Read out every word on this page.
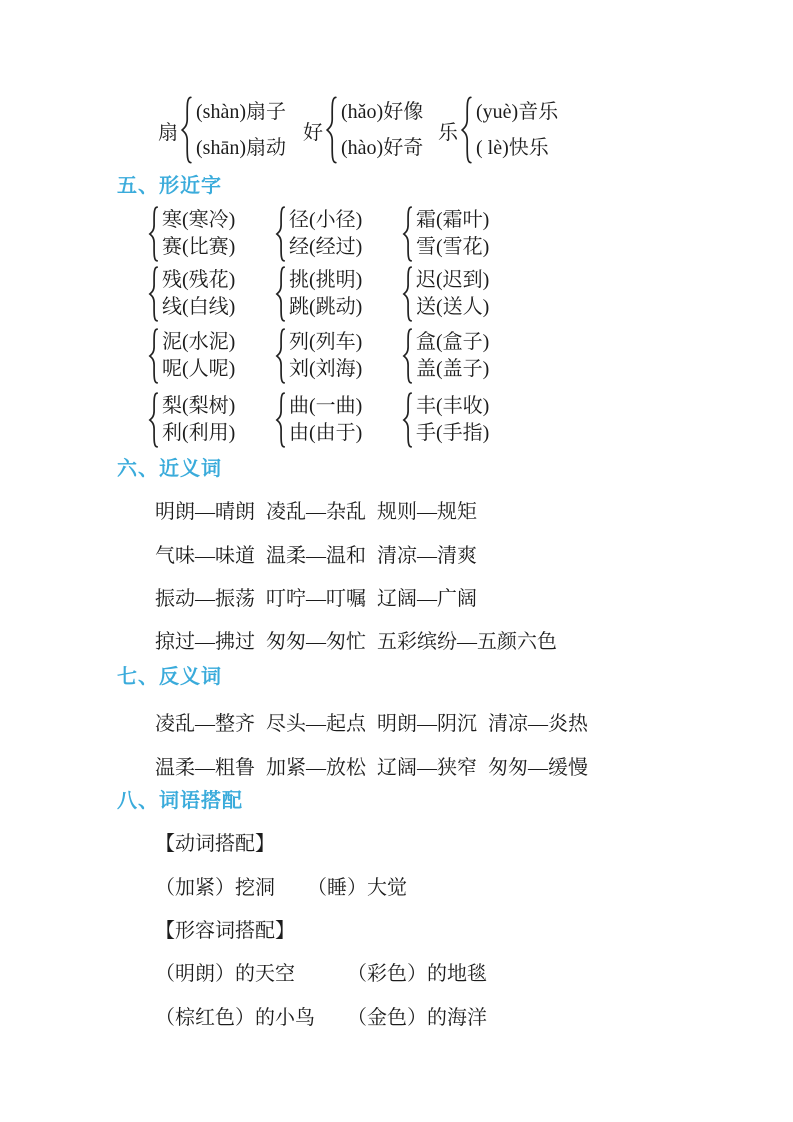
扇
(shàn)扇子
(shān)扇动
好
(hǎo)好像
(hào)好奇
乐
(yuè)音乐
( lè)快乐
五、形近字
寒(寒冷)
赛(比赛)
径(小径)
经(经过)
霜(霜叶)
雪(雪花)
残(残花)
线(白线)
挑(挑明)
跳(跳动)
迟(迟到)
送(送人)
泥(水泥)
呢(人呢)
列(列车)
刘(刘海)
盒(盒子)
盖(盖子)
梨(梨树)
利(利用)
曲(一曲)
由(由于)
丰(丰收)
手(手指)
六、近义词
明朗—晴朗 凌乱—杂乱 规则—规矩
气味—味道 温柔—温和 清凉—清爽
振动—振荡 叮咛—叮嘱 辽阔—广阔
掠过—拂过 匆匆—匆忙 五彩缤纷—五颜六色
七、反义词
凌乱—整齐 尽头—起点 明朗—阴沉 清凉—炎热
温柔—粗鲁 加紧—放松 辽阔—狭窄 匆匆—缓慢
八、词语搭配
【动词搭配】
（加紧）挖洞	（睡）大觉
【形容词搭配】
（明朗）的天空	（彩色）的地毯
（棕红色）的小鸟	（金色）的海洋
